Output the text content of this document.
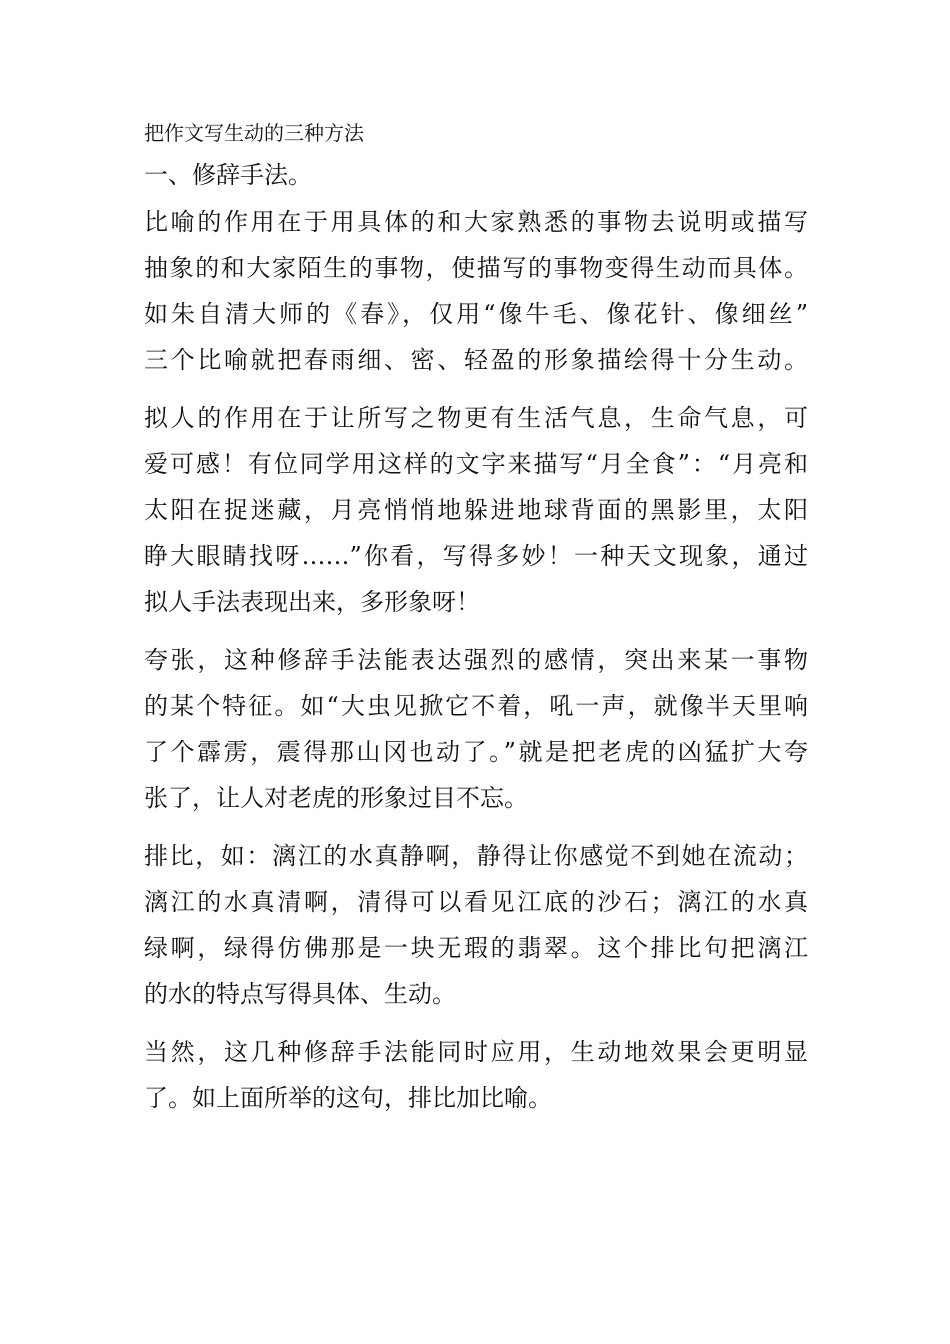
把作文写生动的三种方法
一、修辞手法。
比喻的作用在于用具体的和大家熟悉的事物去说明或描写
抽象的和大家陌生的事物，使描写的事物变得生动而具体。
如朱自清大师的《春》，仅用“像牛毛、像花针、像细丝”
三个比喻就把春雨细、密、轻盈的形象描绘得十分生动。
拟人的作用在于让所写之物更有生活气息，生命气息，可
爱可感！有位同学用这样的文字来描写“月全食”：“月亮和
太阳在捉迷藏，月亮悄悄地躲进地球背面的黑影里，太阳
睁大眼睛找呀……”你看，写得多妙！一种天文现象，通过
拟人手法表现出来，多形象呀！
夸张，这种修辞手法能表达强烈的感情，突出来某一事物
的某个特征。如“大虫见掀它不着，吼一声，就像半天里响
了个霹雳，震得那山冈也动了。”就是把老虎的凶猛扩大夸
张了，让人对老虎的形象过目不忘。
排比，如：漓江的水真静啊，静得让你感觉不到她在流动；
漓江的水真清啊，清得可以看见江底的沙石；漓江的水真
绿啊，绿得仿佛那是一块无瑕的翡翠。这个排比句把漓江
的水的特点写得具体、生动。
当然，这几种修辞手法能同时应用，生动地效果会更明显
了。如上面所举的这句，排比加比喻。
